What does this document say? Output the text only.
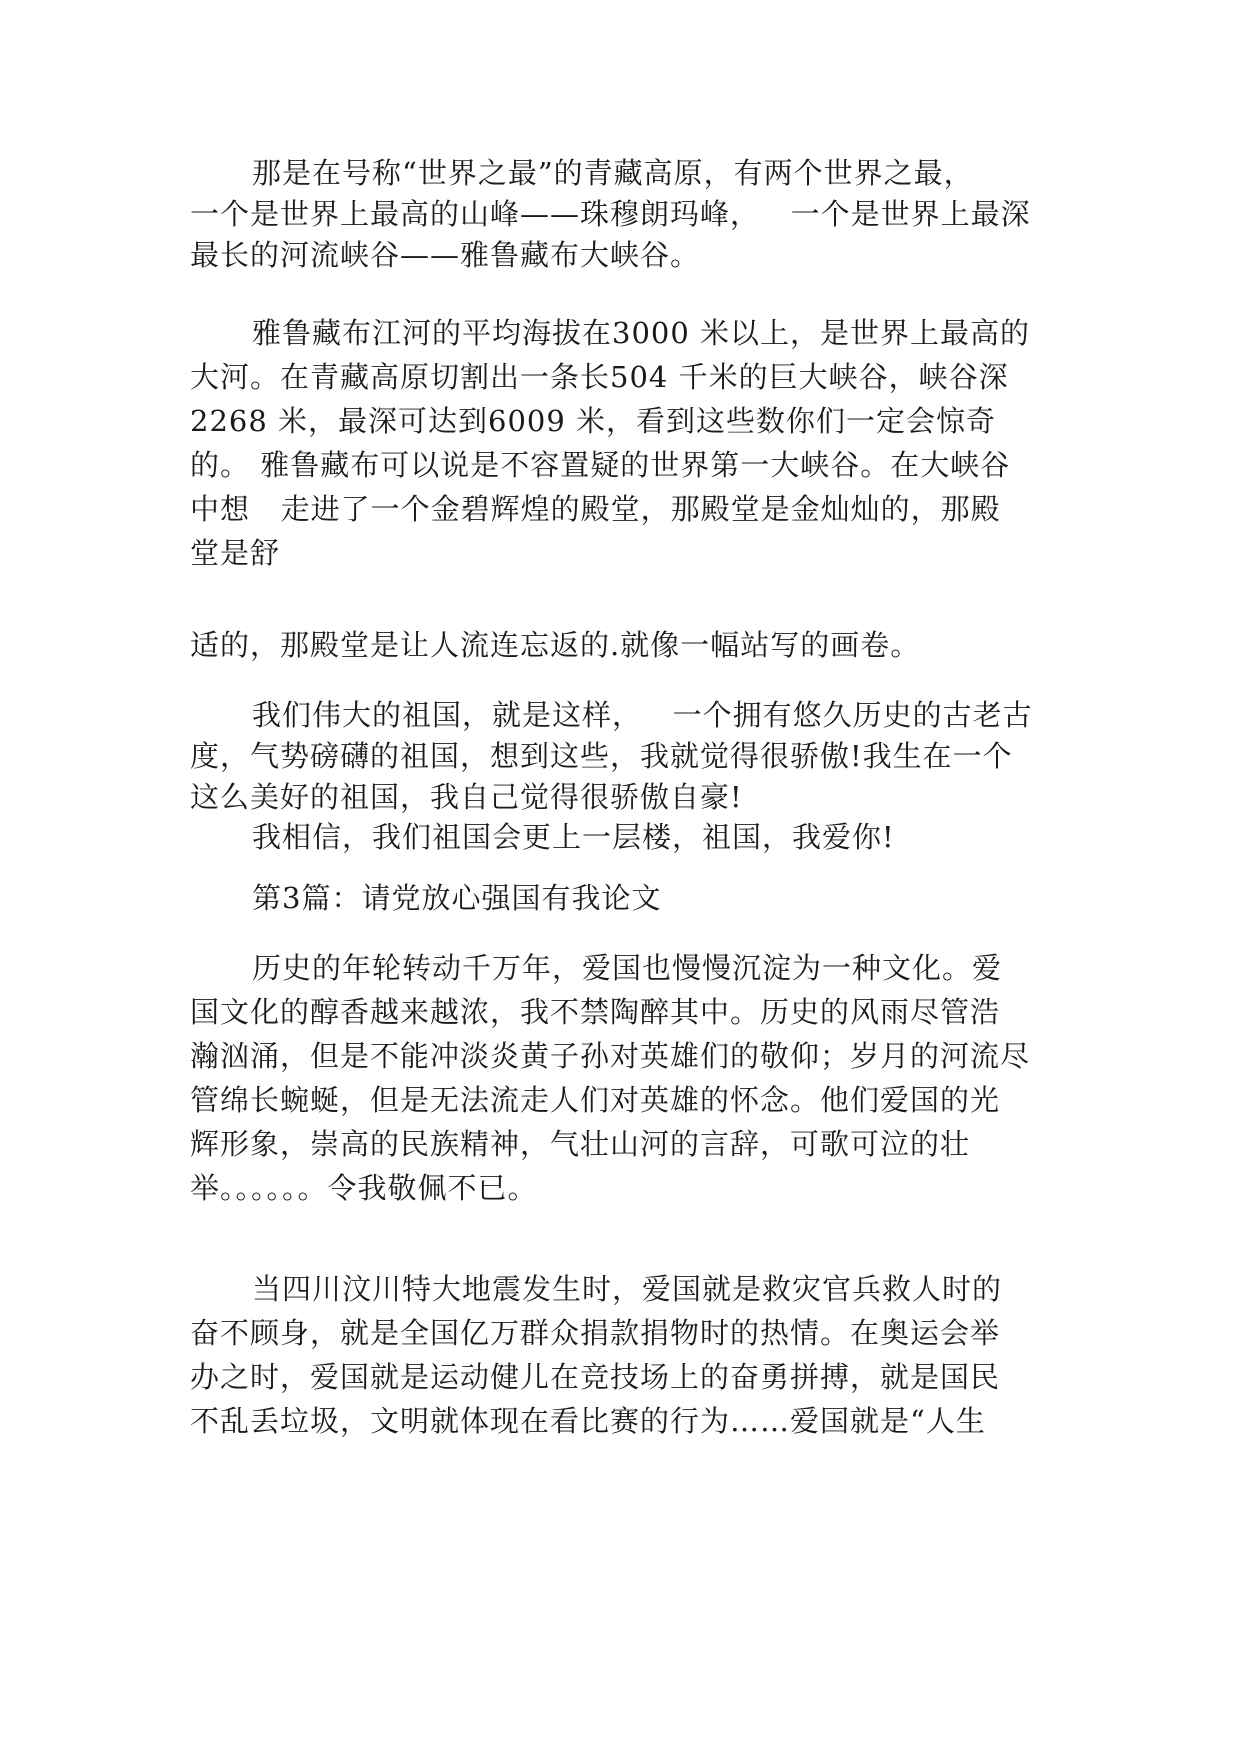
那是在号称“世界之最”的青藏高原，有两个世界之最，
一个是世界上最高的山峰——珠穆朗玛峰，   一个是世界上最深
最长的河流峡谷——雅鲁藏布大峡谷。
雅鲁藏布江河的平均海拔在3000 米以上，是世界上最高的
大河。在青藏高原切割出一条长504 千米的巨大峡谷，峡谷深
2268 米，最深可达到6009 米，看到这些数你们一定会惊奇
的。 雅鲁藏布可以说是不容置疑的世界第一大峡谷。在大峡谷
中想   走进了一个金碧辉煌的殿堂，那殿堂是金灿灿的，那殿
堂是舒
适的，那殿堂是让人流连忘返的.就像一幅站写的画卷。
我们伟大的祖国，就是这样，   一个拥有悠久历史的古老古
度，气势磅礴的祖国，想到这些，我就觉得很骄傲!我生在一个
这么美好的祖国，我自己觉得很骄傲自豪!
我相信，我们祖国会更上一层楼，祖国，我爱你!
第3篇：请党放心强国有我论文
历史的年轮转动千万年，爱国也慢慢沉淀为一种文化。爱
国文化的醇香越来越浓，我不禁陶醉其中。历史的风雨尽管浩
瀚汹涌，但是不能冲淡炎黄子孙对英雄们的敬仰；岁月的河流尽
管绵长蜿蜒，但是无法流走人们对英雄的怀念。他们爱国的光
辉形象，崇高的民族精神，气壮山河的言辞，可歌可泣的壮
举。。。。。。令我敬佩不已。
当四川汶川特大地震发生时，爱国就是救灾官兵救人时的
奋不顾身，就是全国亿万群众捐款捐物时的热情。在奥运会举
办之时，爱国就是运动健儿在竞技场上的奋勇拼搏，就是国民
不乱丢垃圾，文明就体现在看比赛的行为……爱国就是“人生
